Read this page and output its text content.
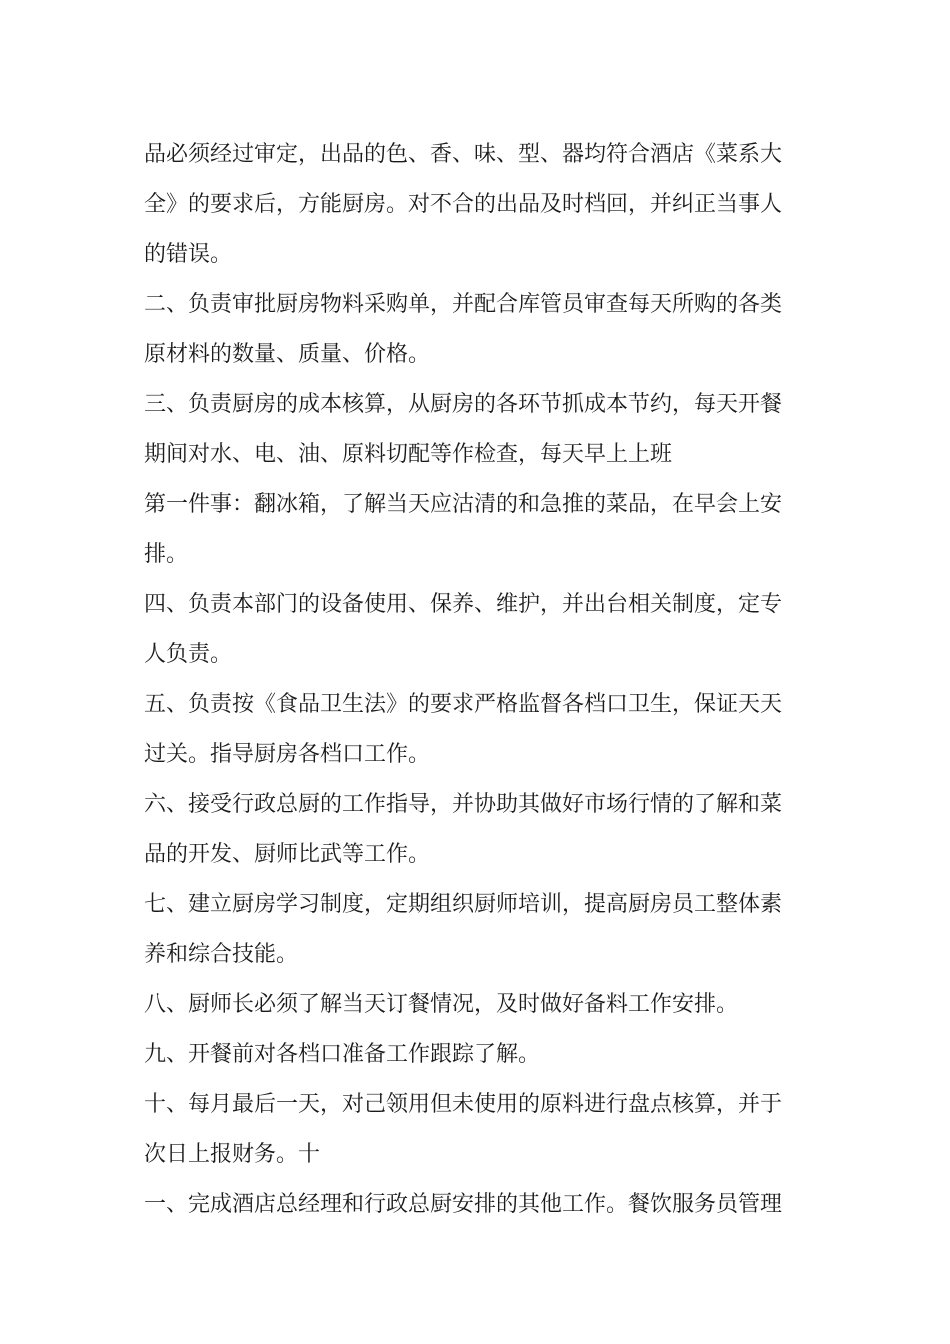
品必须经过审定，出品的色、香、味、型、器均符合酒店《菜系大
全》的要求后，方能厨房。对不合的出品及时档回，并纠正当事人
的错误。
二、负责审批厨房物料采购单，并配合库管员审查每天所购的各类
原材料的数量、质量、价格。
三、负责厨房的成本核算，从厨房的各环节抓成本节约，每天开餐
期间对水、电、油、原料切配等作检查，每天早上上班
第一件事：翻冰箱，了解当天应沽清的和急推的菜品，在早会上安
排。
四、负责本部门的设备使用、保养、维护，并出台相关制度，定专
人负责。
五、负责按《食品卫生法》的要求严格监督各档口卫生，保证天天
过关。指导厨房各档口工作。
六、接受行政总厨的工作指导，并协助其做好市场行情的了解和菜
品的开发、厨师比武等工作。
七、建立厨房学习制度，定期组织厨师培训，提高厨房员工整体素
养和综合技能。
八、厨师长必须了解当天订餐情况，及时做好备料工作安排。
九、开餐前对各档口准备工作跟踪了解。
十、每月最后一天，对己领用但未使用的原料进行盘点核算，并于
次日上报财务。十
一、完成酒店总经理和行政总厨安排的其他工作。餐饮服务员管理
